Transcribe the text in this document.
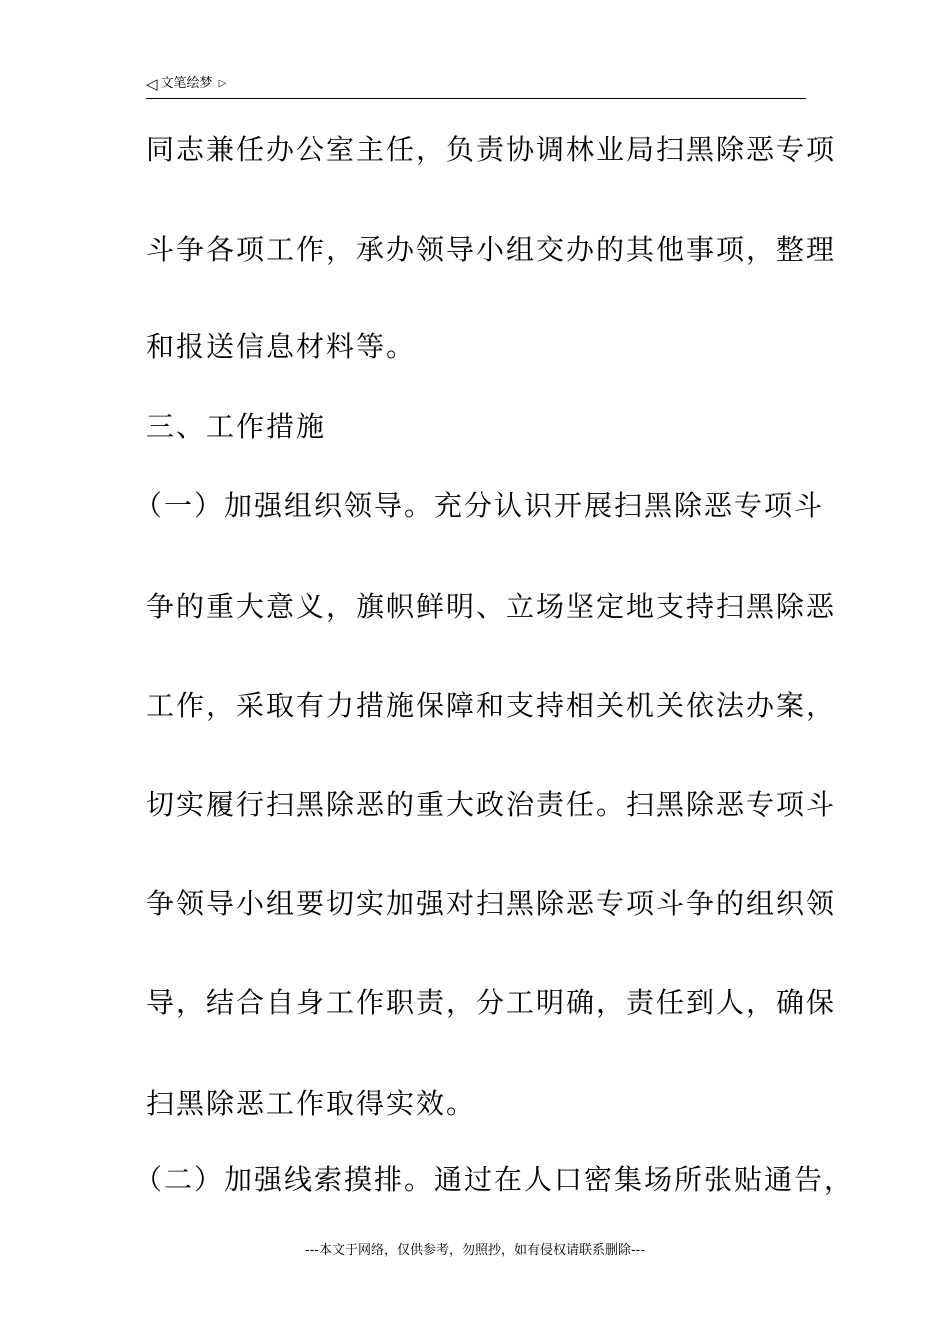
◁ 文笔绘梦 ▷
同志兼任办公室主任，负责协调林业局扫黑除恶专项
斗争各项工作，承办领导小组交办的其他事项，整理
和报送信息材料等。
三、工作措施
（一）加强组织领导。充分认识开展扫黑除恶专项斗
争的重大意义，旗帜鲜明、立场坚定地支持扫黑除恶
工作，采取有力措施保障和支持相关机关依法办案，
切实履行扫黑除恶的重大政治责任。扫黑除恶专项斗
争领导小组要切实加强对扫黑除恶专项斗争的组织领
导，结合自身工作职责，分工明确，责任到人，确保
扫黑除恶工作取得实效。
（二）加强线索摸排。通过在人口密集场所张贴通告，
---本文于网络，仅供参考，勿照抄，如有侵权请联系删除---
